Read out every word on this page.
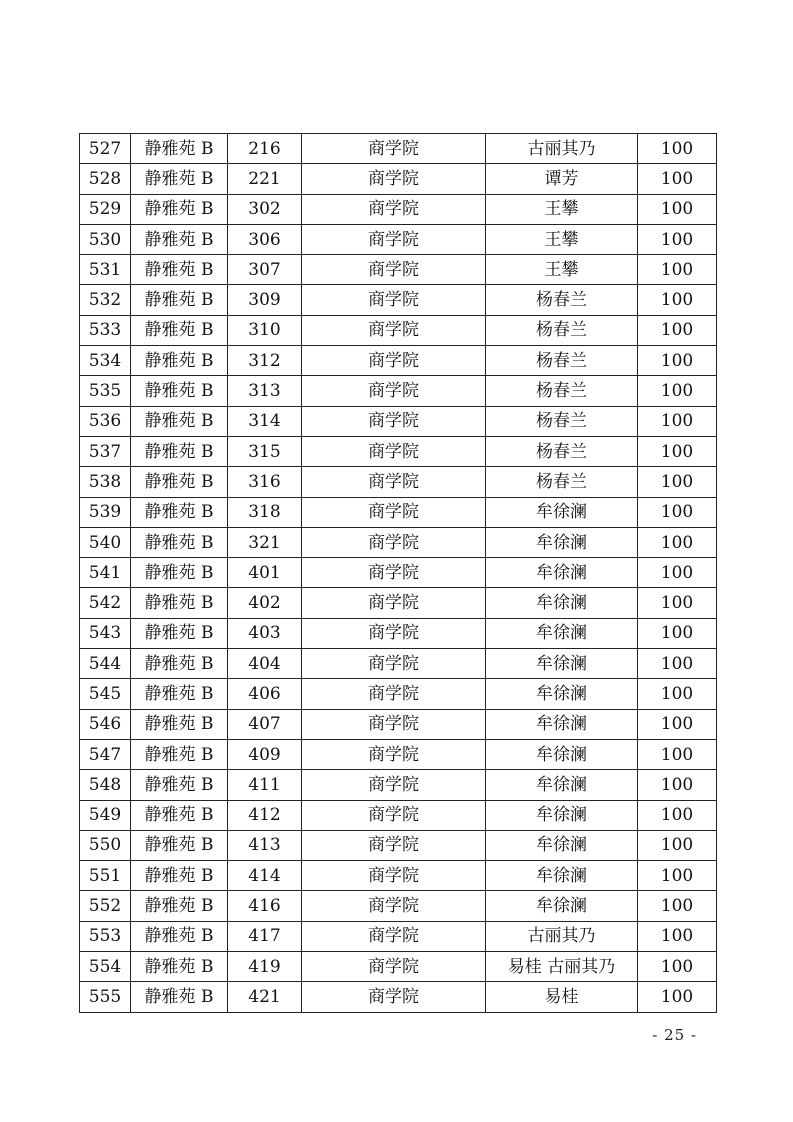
527	静雅苑 B	216	商学院	古丽其乃	100
528	静雅苑 B	221	商学院	谭芳	100
529	静雅苑 B	302	商学院	王攀	100
530	静雅苑 B	306	商学院	王攀	100
531	静雅苑 B	307	商学院	王攀	100
532	静雅苑 B	309	商学院	杨春兰	100
533	静雅苑 B	310	商学院	杨春兰	100
534	静雅苑 B	312	商学院	杨春兰	100
535	静雅苑 B	313	商学院	杨春兰	100
536	静雅苑 B	314	商学院	杨春兰	100
537	静雅苑 B	315	商学院	杨春兰	100
538	静雅苑 B	316	商学院	杨春兰	100
539	静雅苑 B	318	商学院	牟徐澜	100
540	静雅苑 B	321	商学院	牟徐澜	100
541	静雅苑 B	401	商学院	牟徐澜	100
542	静雅苑 B	402	商学院	牟徐澜	100
543	静雅苑 B	403	商学院	牟徐澜	100
544	静雅苑 B	404	商学院	牟徐澜	100
545	静雅苑 B	406	商学院	牟徐澜	100
546	静雅苑 B	407	商学院	牟徐澜	100
547	静雅苑 B	409	商学院	牟徐澜	100
548	静雅苑 B	411	商学院	牟徐澜	100
549	静雅苑 B	412	商学院	牟徐澜	100
550	静雅苑 B	413	商学院	牟徐澜	100
551	静雅苑 B	414	商学院	牟徐澜	100
552	静雅苑 B	416	商学院	牟徐澜	100
553	静雅苑 B	417	商学院	古丽其乃	100
554	静雅苑 B	419	商学院	易桂 古丽其乃	100
555	静雅苑 B	421	商学院	易桂	100
- 25 -
